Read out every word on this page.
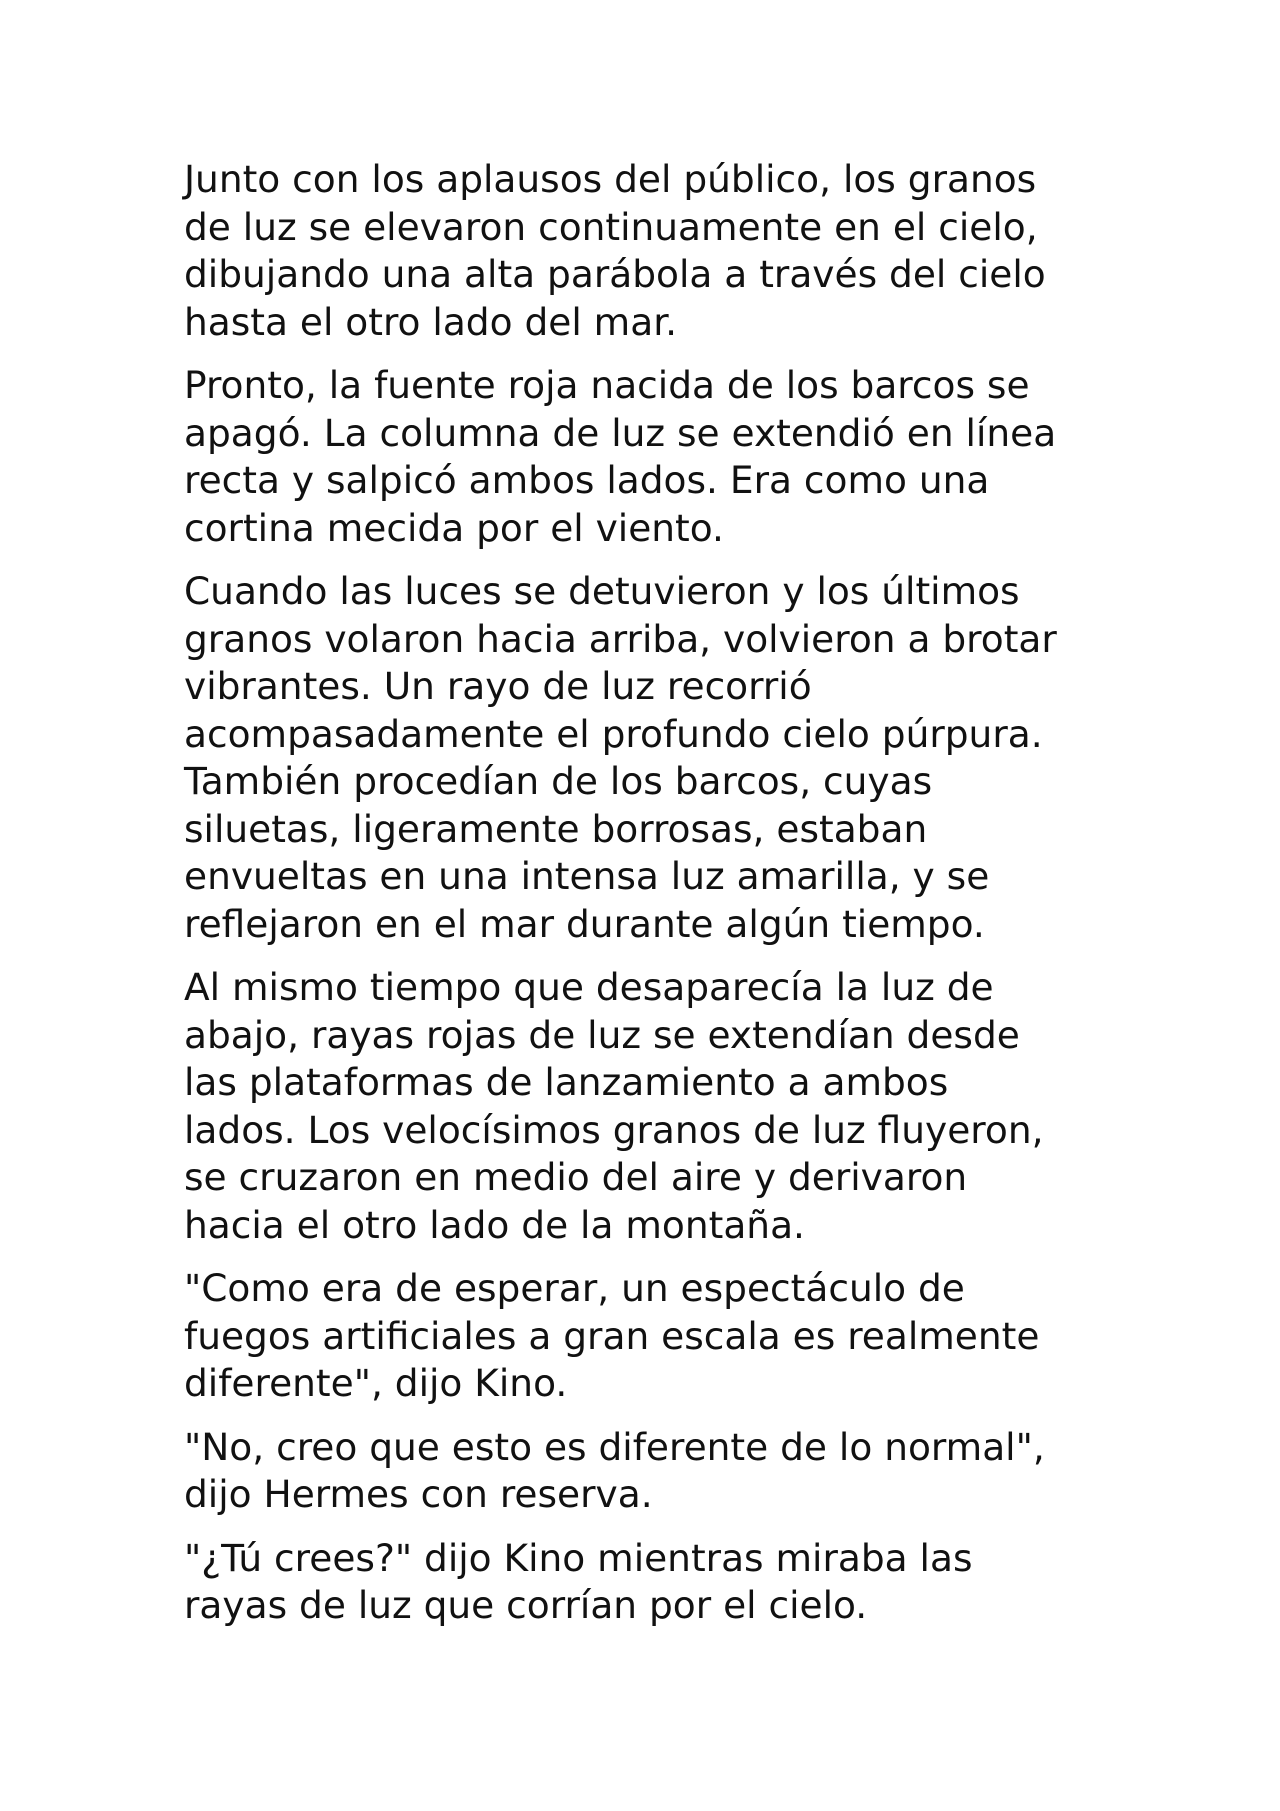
Junto con los aplausos del público, los granos
de luz se elevaron continuamente en el cielo,
dibujando una alta parábola a través del cielo
hasta el otro lado del mar.

Pronto, la fuente roja nacida de los barcos se
apagó. La columna de luz se extendió en línea
recta y salpicó ambos lados. Era como una
cortina mecida por el viento.

Cuando las luces se detuvieron y los últimos
granos volaron hacia arriba, volvieron a brotar
vibrantes. Un rayo de luz recorrió
acompasadamente el profundo cielo púrpura.
También procedían de los barcos, cuyas
siluetas, ligeramente borrosas, estaban
envueltas en una intensa luz amarilla, y se
reflejaron en el mar durante algún tiempo.

Al mismo tiempo que desaparecía la luz de
abajo, rayas rojas de luz se extendían desde
las plataformas de lanzamiento a ambos
lados. Los velocísimos granos de luz fluyeron,
se cruzaron en medio del aire y derivaron
hacia el otro lado de la montaña.

"Como era de esperar, un espectáculo de
fuegos artificiales a gran escala es realmente
diferente", dijo Kino.

"No, creo que esto es diferente de lo normal",
dijo Hermes con reserva.

"¿Tú crees?" dijo Kino mientras miraba las
rayas de luz que corrían por el cielo.
